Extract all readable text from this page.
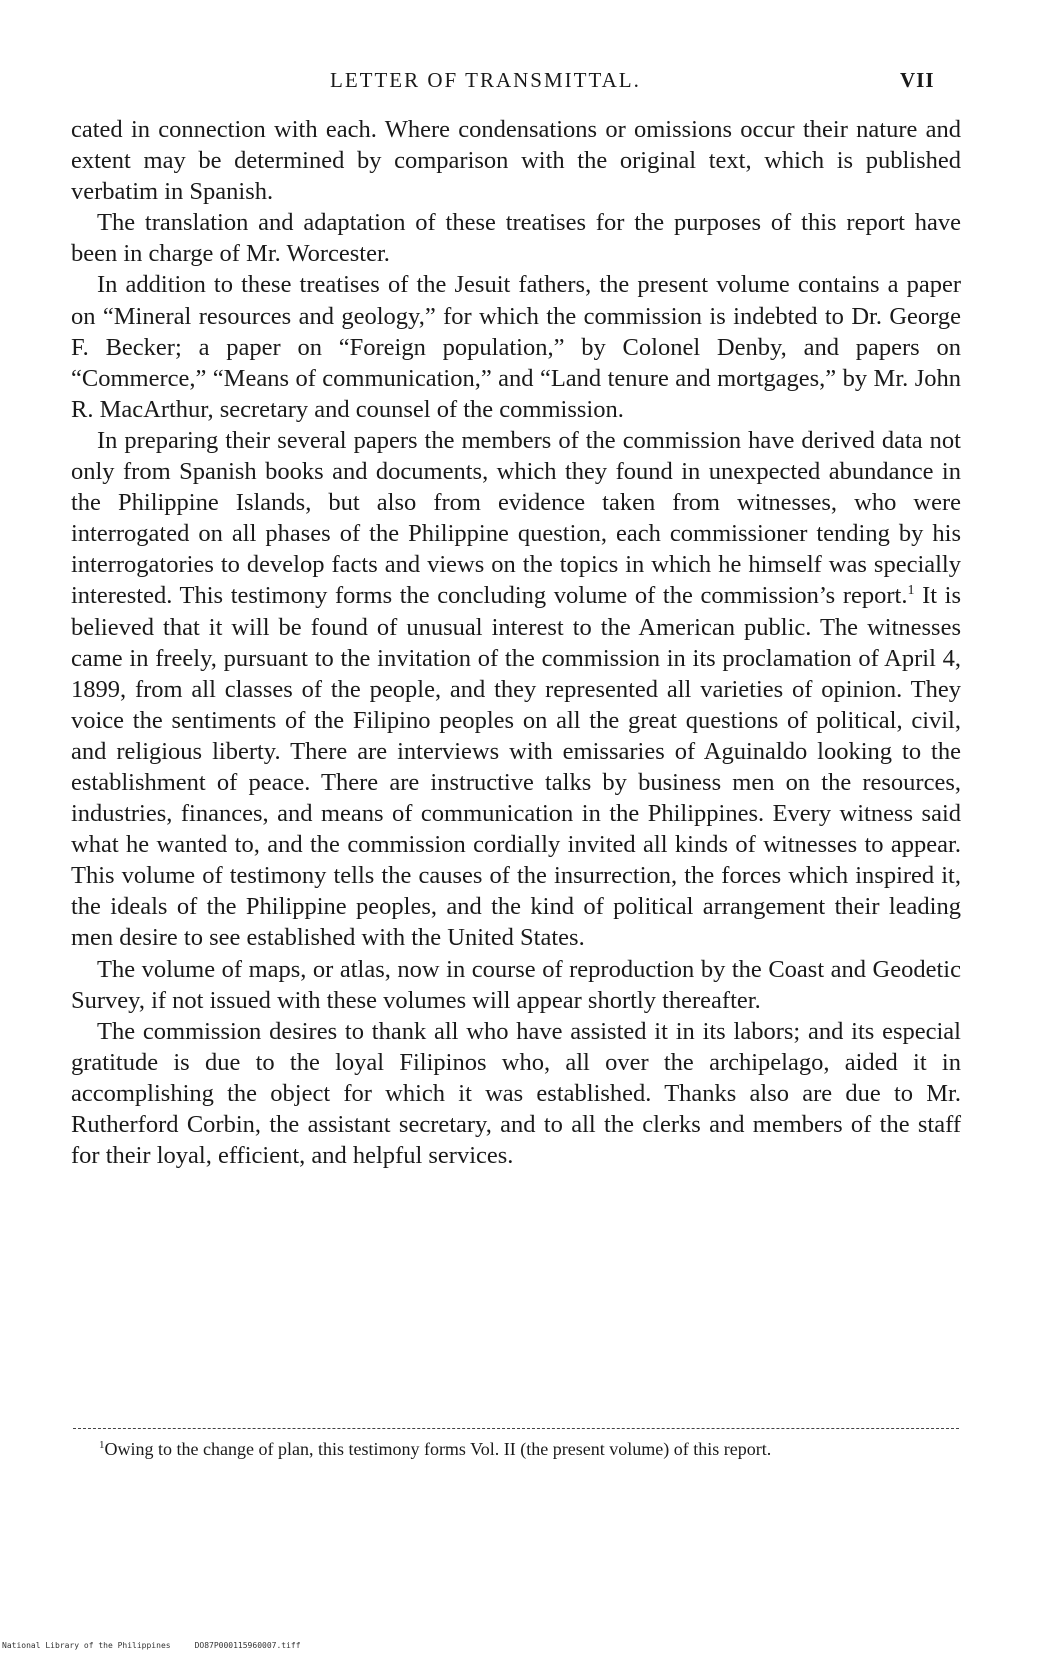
LETTER OF TRANSMITTAL.	VII

cated in connection with each. Where condensations or omissions occur their nature and extent may be determined by comparison with the original text, which is published verbatim in Spanish.

The translation and adaptation of these treatises for the purposes of this report have been in charge of Mr. Worcester.

In addition to these treatises of the Jesuit fathers, the present volume contains a paper on “Mineral resources and geology,” for which the commission is indebted to Dr. George F. Becker; a paper on “Foreign population,” by Colonel Denby, and papers on “Commerce,” “Means of communication,” and “Land tenure and mortgages,” by Mr. John R. MacArthur, secretary and counsel of the commission.

In preparing their several papers the members of the commission have derived data not only from Spanish books and documents, which they found in unexpected abundance in the Philippine Islands, but also from evidence taken from witnesses, who were interrogated on all phases of the Philippine question, each commissioner tending by his interrogatories to develop facts and views on the topics in which he himself was specially interested. This testimony forms the concluding volume of the commission’s report.$^1$ It is believed that it will be found of unusual interest to the American public. The witnesses came in freely, pursuant to the invitation of the commission in its proclamation of April 4, 1899, from all classes of the people, and they represented all varieties of opinion. They voice the sentiments of the Filipino peoples on all the great questions of political, civil, and religious liberty. There are interviews with emissaries of Aguinaldo looking to the establishment of peace. There are instructive talks by business men on the resources, industries, finances, and means of communication in the Philippines. Every witness said what he wanted to, and the commission cordially invited all kinds of witnesses to appear. This volume of testimony tells the causes of the insurrection, the forces which inspired it, the ideals of the Philippine peoples, and the kind of political arrangement their leading men desire to see established with the United States.

The volume of maps, or atlas, now in course of reproduction by the Coast and Geodetic Survey, if not issued with these volumes will appear shortly thereafter.

The commission desires to thank all who have assisted it in its labors; and its especial gratitude is due to the loyal Filipinos who, all over the archipelago, aided it in accomplishing the object for which it was established. Thanks also are due to Mr. Rutherford Corbin, the assistant secretary, and to all the clerks and members of the staff for their loyal, efficient, and helpful services.

$^1$Owing to the change of plan, this testimony forms Vol. II (the present volume) of this report.
National Library of the Philippines	DO87P000115960007.tiff
